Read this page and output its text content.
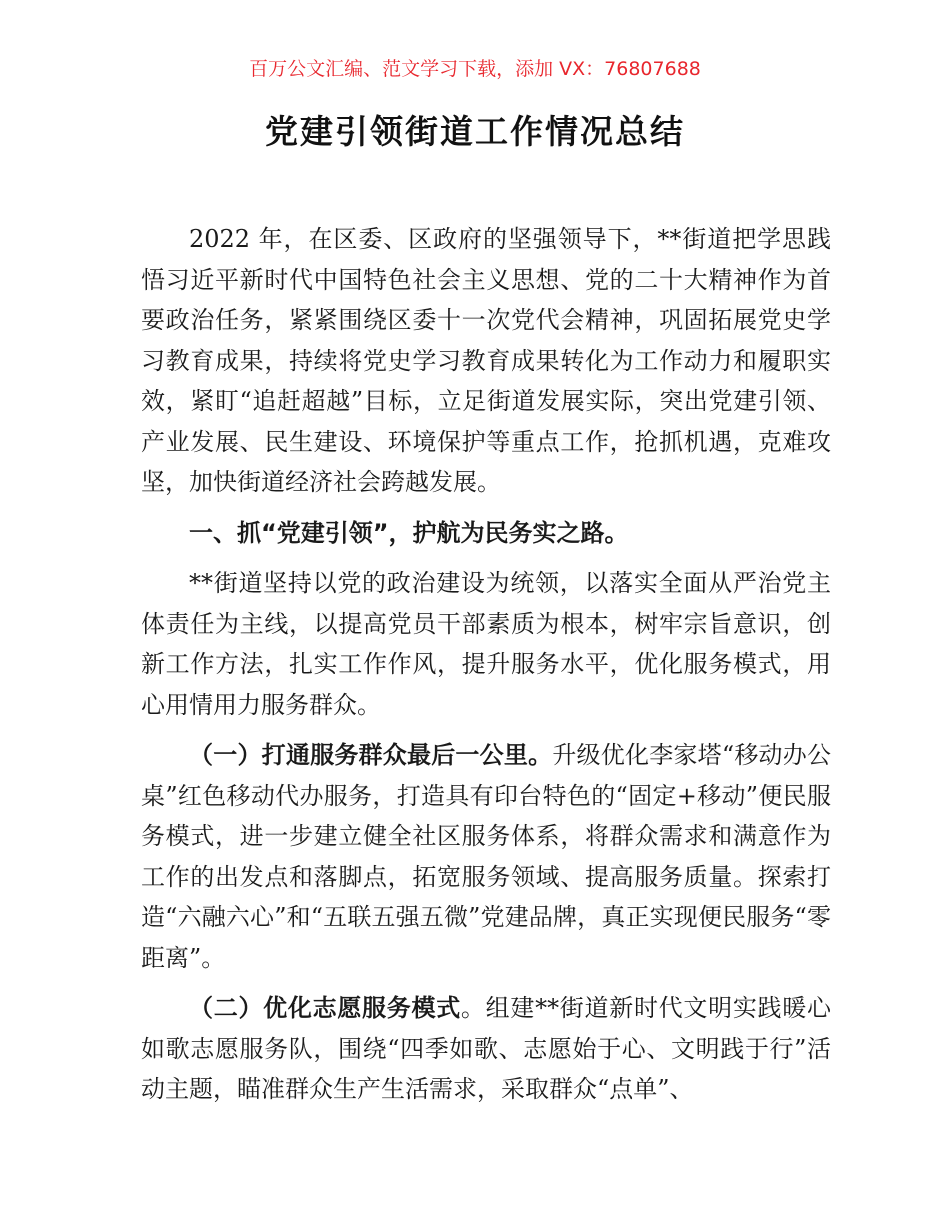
百万公文汇编、范文学习下载，添加 VX：76807688
党建引领街道工作情况总结

2022 年，在区委、区政府的坚强领导下，**街道把学思践悟习近平新时代中国特色社会主义思想、党的二十大精神作为首要政治任务，紧紧围绕区委十一次党代会精神，巩固拓展党史学习教育成果，持续将党史学习教育成果转化为工作动力和履职实效，紧盯“追赶超越”目标，立足街道发展实际，突出党建引领、产业发展、民生建设、环境保护等重点工作，抢抓机遇，克难攻坚，加快街道经济社会跨越发展。

一、抓“党建引领”，护航为民务实之路。

**街道坚持以党的政治建设为统领，以落实全面从严治党主体责任为主线，以提高党员干部素质为根本，树牢宗旨意识，创新工作方法，扎实工作作风，提升服务水平，优化服务模式，用心用情用力服务群众。

（一）打通服务群众最后一公里。升级优化李家塔“移动办公桌”红色移动代办服务，打造具有印台特色的“固定+移动”便民服务模式，进一步建立健全社区服务体系，将群众需求和满意作为工作的出发点和落脚点，拓宽服务领域、提高服务质量。探索打造“六融六心”和“五联五强五微”党建品牌，真正实现便民服务“零距离”。

（二）优化志愿服务模式。组建**街道新时代文明实践暖心如歌志愿服务队，围绕“四季如歌、志愿始于心、文明践于行”活动主题，瞄准群众生产生活需求，采取群众“点单”、
